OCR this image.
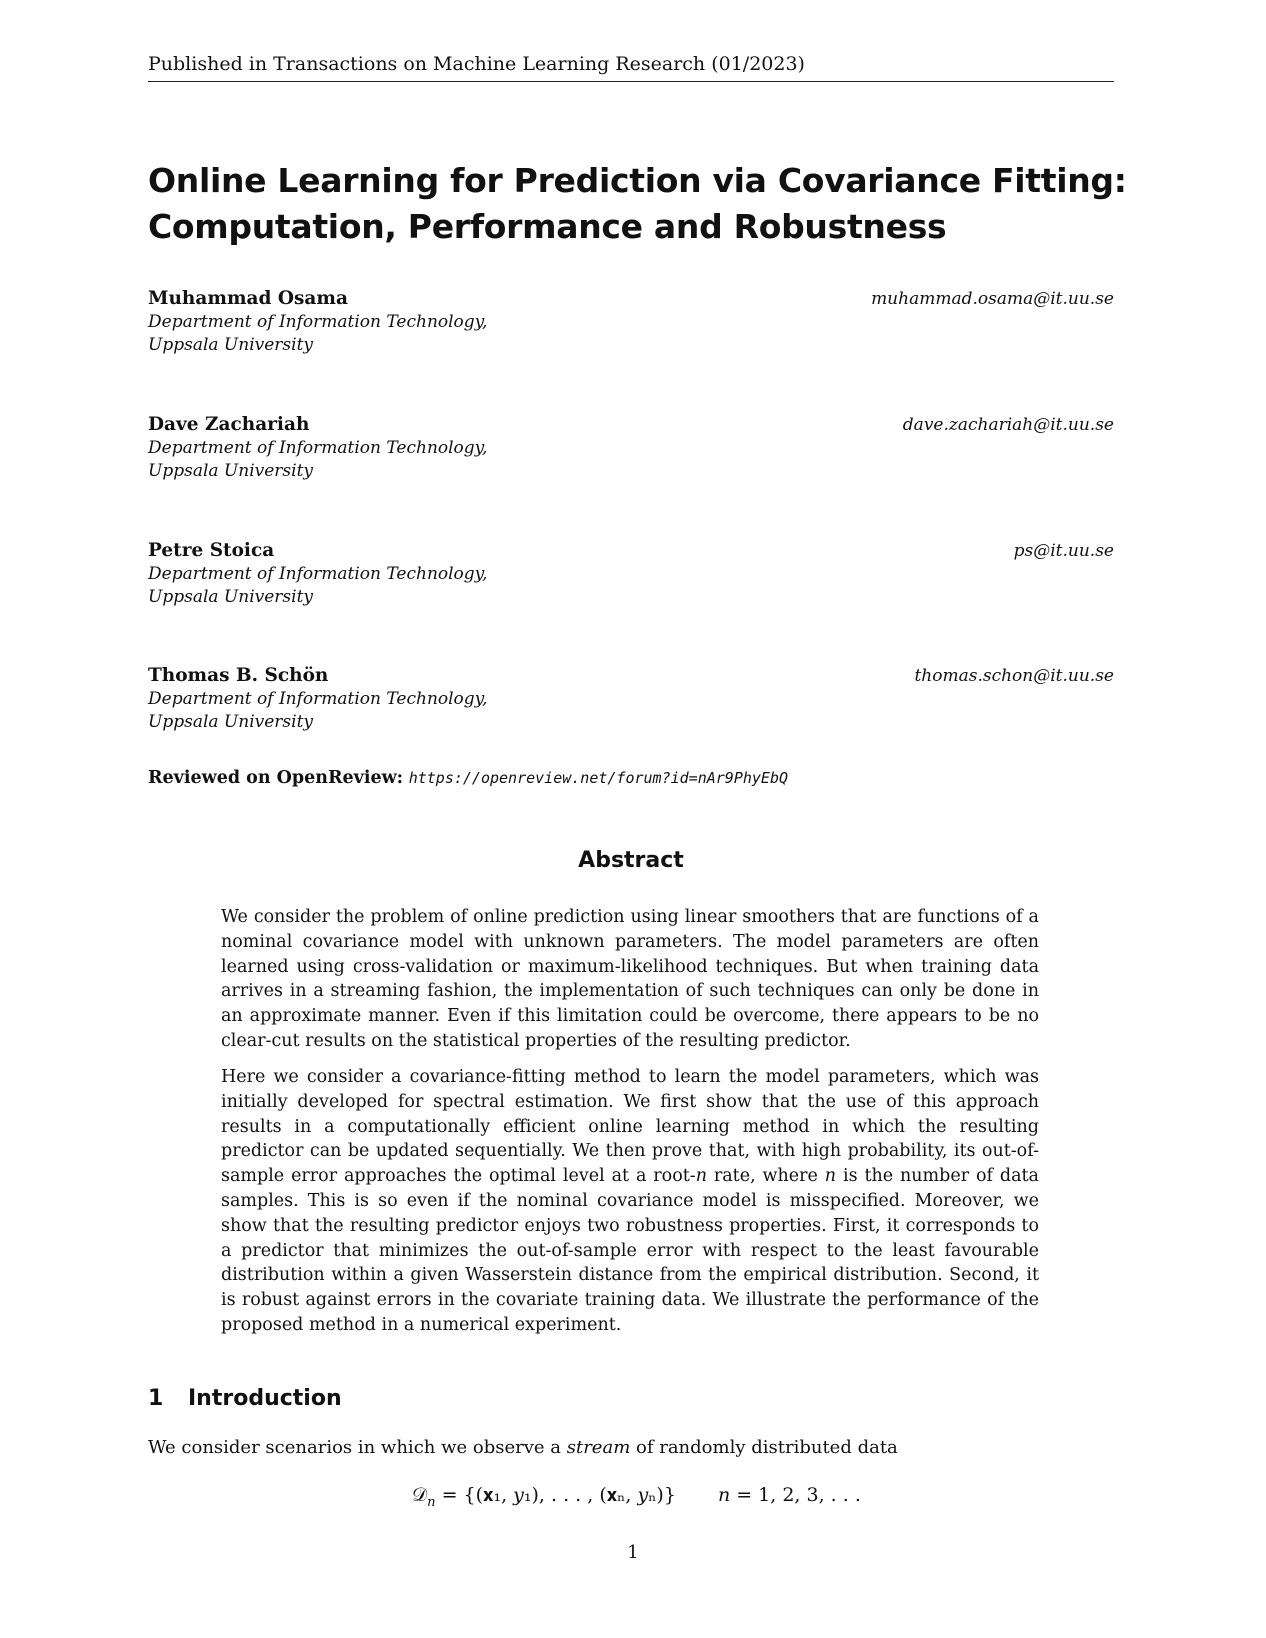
Published in Transactions on Machine Learning Research (01/2023)
Online Learning for Prediction via Covariance Fitting:
Computation, Performance and Robustness
Muhammad Osama	muhammad.osama@it.uu.se
Department of Information Technology,
Uppsala University
Dave Zachariah	dave.zachariah@it.uu.se
Department of Information Technology,
Uppsala University
Petre Stoica	ps@it.uu.se
Department of Information Technology,
Uppsala University
Thomas B. Schön	thomas.schon@it.uu.se
Department of Information Technology,
Uppsala University
Reviewed on OpenReview: https://openreview.net/forum?id=nAr9PhyEbQ
Abstract

We consider the problem of online prediction using linear smoothers that are functions of a nominal covariance model with unknown parameters. The model parameters are often learned using cross-validation or maximum-likelihood techniques. But when training data arrives in a streaming fashion, the implementation of such techniques can only be done in an approximate manner. Even if this limitation could be overcome, there appears to be no clear-cut results on the statistical properties of the resulting predictor.

Here we consider a covariance-fitting method to learn the model parameters, which was initially developed for spectral estimation. We first show that the use of this approach results in a computationally efficient online learning method in which the resulting predictor can be updated sequentially. We then prove that, with high probability, its out-of-sample error approaches the optimal level at a root-n rate, where n is the number of data samples. This is so even if the nominal covariance model is misspecified. Moreover, we show that the resulting predictor enjoys two robustness properties. First, it corresponds to a predictor that minimizes the out-of-sample error with respect to the least favourable distribution within a given Wasserstein distance from the empirical distribution. Second, it is robust against errors in the covariate training data. We illustrate the performance of the proposed method in a numerical experiment.

1 Introduction
We consider scenarios in which we observe a stream of randomly distributed data
𝒟$_n$ = {(𝐱₁, 𝑦₁), . . . , (𝐱ₙ, 𝑦ₙ)} 𝑛 = 1, 2, 3, . . .
1
